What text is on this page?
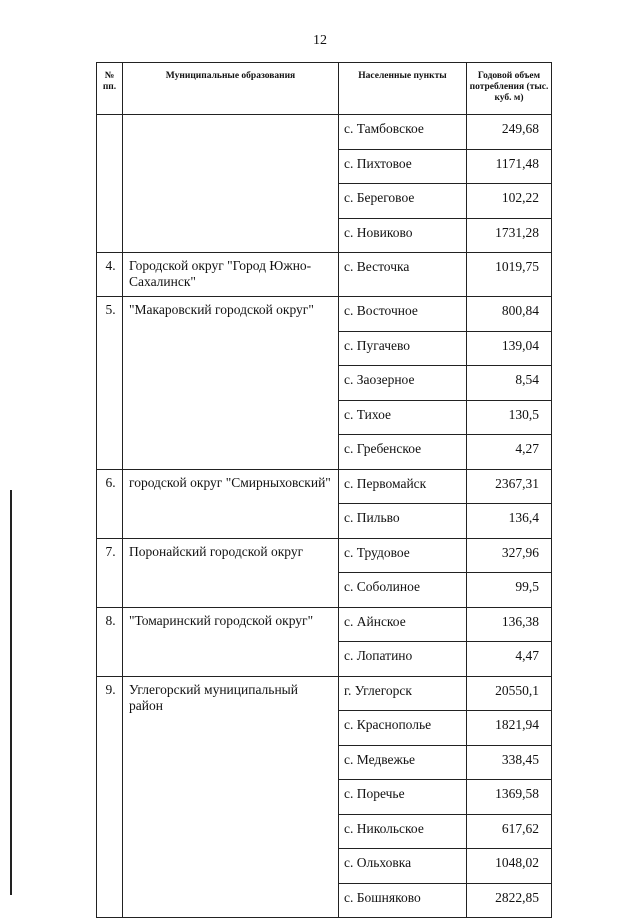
12
№ пп.	Муниципальные образования	Населенные пункты	Годовой объем потребления (тыс. куб. м)
		с. Тамбовское	249,68
		с. Пихтовое	1171,48
		с. Береговое	102,22
		с. Новиково	1731,28
4.	Городской округ "Город Южно-Сахалинск"	с. Весточка	1019,75
5.	"Макаровский городской округ"	с. Восточное	800,84
		с. Пугачево	139,04
		с. Заозерное	8,54
		с. Тихое	130,5
		с. Гребенское	4,27
6.	городской округ "Смирныховский"	с. Первомайск	2367,31
		с. Пильво	136,4
7.	Поронайский городской округ	с. Трудовое	327,96
		с. Соболиное	99,5
8.	"Томаринский городской округ"	с. Айнское	136,38
		с. Лопатино	4,47
9.	Углегорский муниципальный район	г. Углегорск	20550,1
		с. Краснополье	1821,94
		с. Медвежье	338,45
		с. Поречье	1369,58
		с. Никольское	617,62
		с. Ольховка	1048,02
		с. Бошняково	2822,85
